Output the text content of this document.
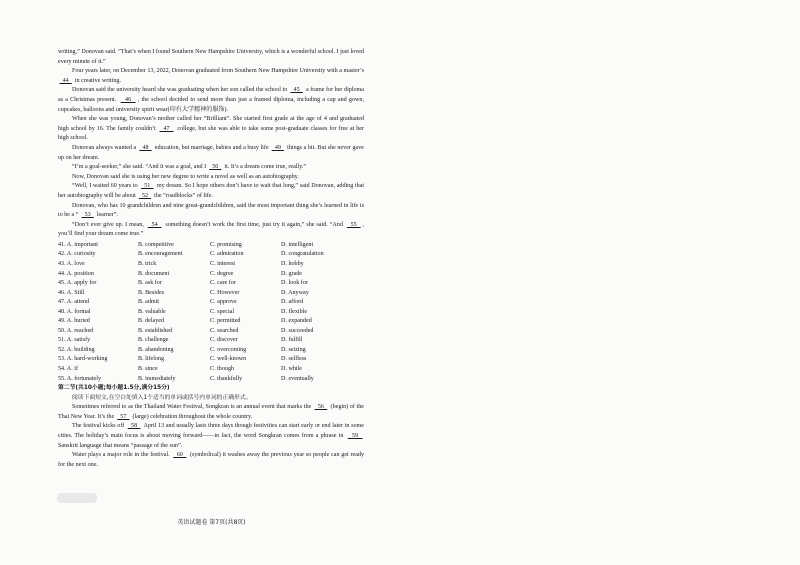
writing,” Donovan said. “That’s when I found Southern New Hampshire University, which is a wonderful school. I just loved every minute of it.”

Four years later, on December 13, 2022, Donovan graduated from Southern New Hampshire University with a master’s    44    in creative writing.

Donovan said the university heard she was graduating when her son called the school to    45    a frame for her diploma as a Christmas present.    46   , the school decided to send more than just a framed diploma, including a cap and gown, cupcakes, balloons and university spirit wear(印有大学精神的服饰).

When she was young, Donovan’s mother called her “Brilliant”. She started first grade at the age of 4 and graduated high school by 16. The family couldn’t    47    college, but she was able to take some post-graduate classes for free at her high school.

Donovan always wanted a    48    education, but marriage, babies and a busy life    49    things a bit. But she never gave up on her dream.

“I’m a goal-seeker,” she said. “And it was a goal, and I    50    it. It’s a dream come true, really.”

Now, Donovan said she is using her new degree to write a novel as well as an autobiography.

“Well, I waited 60 years to    51    my dream. So I hope others don’t have to wait that long,” said Donovan, adding that her autobiography will be about    52    the “roadblocks” of life.

Donovan, who has 10 grandchildren and nine great-grandchildren, said the most important thing she’s learned in life is to be a “    53    learner”.

“Don’t ever give up. I mean,    54    something doesn’t work the first time, just try it again,” she said. “And    55   , you’ll find your dream come true.”

41. A. important	B. competitive	C. promising	D. intelligent
42. A. curiosity	B. encouragement	C. admiration	D. congratulation
43. A. love	B. trick	C. interest	D. hobby
44. A. position	B. document	C. degree	D. grade
45. A. apply for	B. ask for	C. care for	D. look for
46. A. Still	B. Besides	C. However	D. Anyway
47. A. attend	B. admit	C. approve	D. afford
48. A. formal	B. valuable	C. special	D. flexible
49. A. buried	B. delayed	C. permitted	D. expanded
50. A. reached	B. established	C. searched	D. succeeded
51. A. satisfy	B. challenge	C. discover	D. fulfill
52. A. building	B. abandoning	C. overcoming	D. seizing
53. A. hard-working	B. lifelong	C. well-known	D. selfless
54. A. if	B. since	C. though	D. while
55. A. fortunately	B. immediately	C. thankfully	D. eventually
第二节(共10小题;每小题1.5分,满分15分)
阅读下面短文,在空白处填入1个适当的单词或括号内单词的正确形式。

Sometimes referred to as the Thailand Water Festival, Songkran is an annual event that marks the    56    (begin) of the Thai New Year. It’s the    57    (large) celebration throughout the whole country.

The festival kicks off    58    April 13 and usually lasts three days though festivities can start early or end later in some cities. The holiday’s main focus is about moving forward——in fact, the word Songkran comes from a phrase in    59    Sanskrit language that means “passage of the sun”.

Water plays a major role in the festival.    60    (symbolical) it washes away the previous year so people can get ready for the next one.

英语试题卷 第7页(共8页)
